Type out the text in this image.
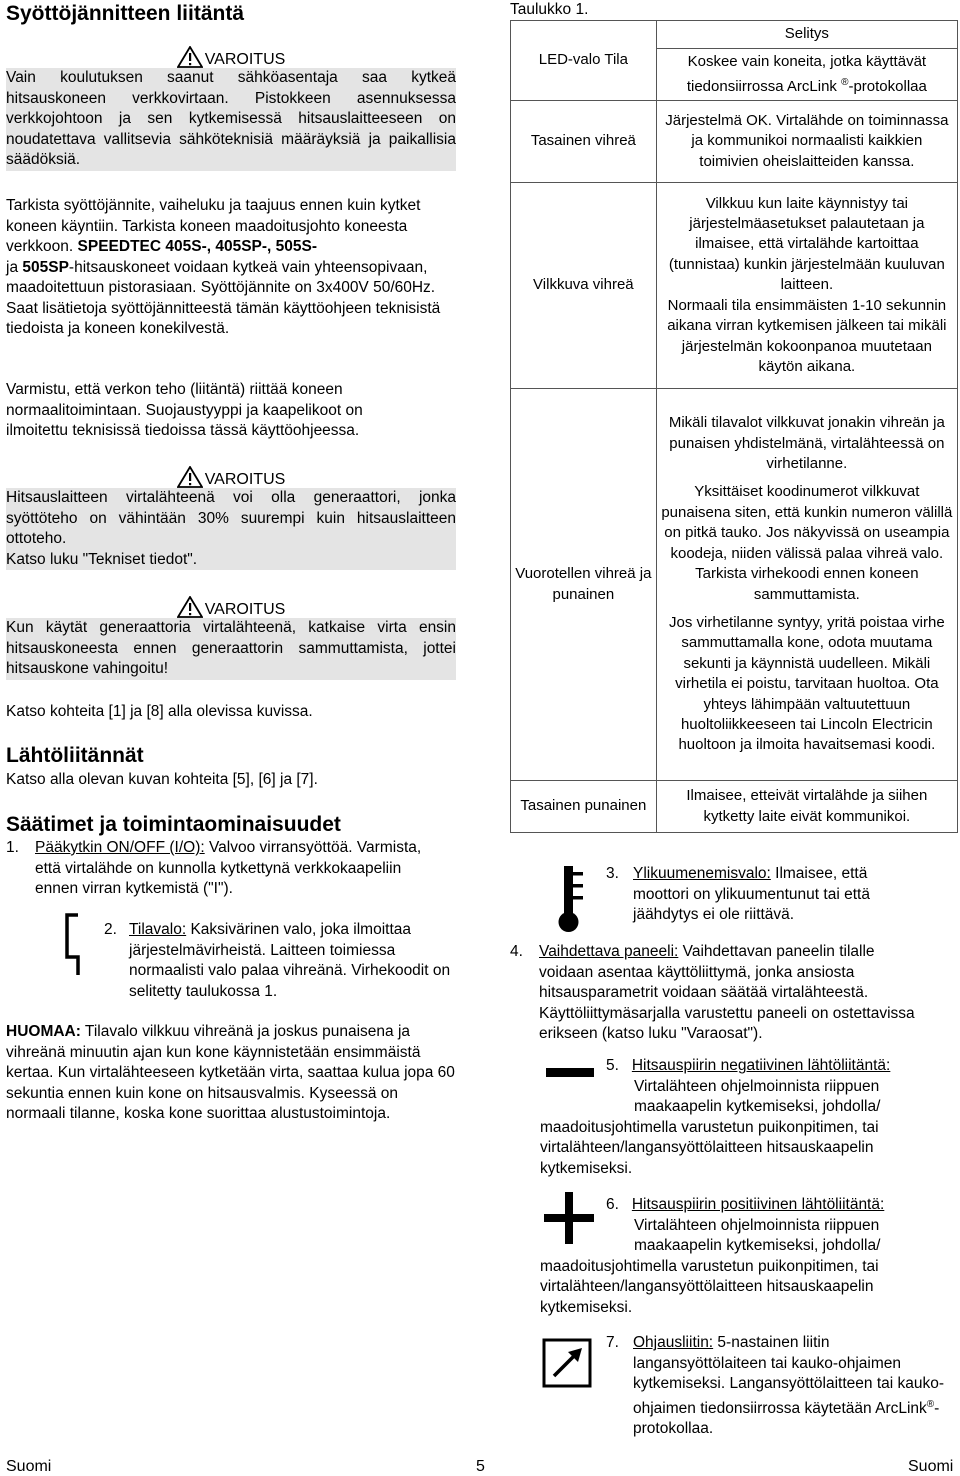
Syöttöjännitteen liitäntä
VAROITUS

Vain koulutuksen saanut sähköasentaja saa kytkeä hitsauskoneen verkkovirtaan. Pistokkeen asennuksessa verkkojohtoon ja sen kytkemisessä hitsauslaitteeseen on noudatettava vallitsevia sähköteknisiä määräyksiä ja paikallisia säädöksiä.

Tarkista syöttöjännite, vaiheluku ja taajuus ennen kuin kytket koneen käyntiin. Tarkista koneen maadoitusjohto koneesta verkkoon. SPEEDTEC 405S-, 405SP-, 505S-
ja 505SP-hitsauskoneet voidaan kytkeä vain yhteensopivaan, maadoitettuun pistorasiaan. Syöttöjännite on 3x400V 50/60Hz. Saat lisätietoja syöttöjännitteestä tämän käyttöohjeen teknisistä tiedoista ja koneen konekilvestä.

Varmistu, että verkon teho (liitäntä) riittää koneen normaalitoimintaan. Suojaustyyppi ja kaapelikoot on ilmoitettu teknisissä tiedoissa tässä käyttöohjeessa.

VAROITUS

Hitsauslaitteen virtalähteenä voi olla generaattori, jonka syöttöteho on vähintään 30% suurempi kuin hitsauslaitteen ottoteho.

Katso luku "Tekniset tiedot".

VAROITUS

Kun käytät generaattoria virtalähteenä, katkaise virta ensin hitsauskoneesta ennen generaattorin sammuttamista, jottei hitsauskone vahingoitu!

Katso kohteita [1] ja [8] alla olevissa kuvissa.

Lähtöliitännät

Katso alla olevan kuvan kohteita [5], [6] ja [7].

Säätimet ja toimintaominaisuudet
1. Pääkytkin ON/OFF (I/O): Valvoo virransyöttöä. Varmista, että virtalähde on kunnolla kytkettynä verkkokaapeliin ennen virran kytkemistä ("I").
2. Tilavalo: Kaksivärinen valo, joka ilmoittaa järjestelmävirheistä. Laitteen toimiessa normaalisti valo palaa vihreänä. Virhekoodit on selitetty taulukossa 1.
HUOMAA: Tilavalo vilkkuu vihreänä ja joskus punaisena ja vihreänä minuutin ajan kun kone käynnistetään ensimmäistä kertaa. Kun virtalähteeseen kytketään virta, saattaa kulua jopa 60 sekuntia ennen kuin kone on hitsausvalmis. Kyseessä on normaali tilanne, koska kone suorittaa alustustoimintoja.

Taulukko 1.

LED-valo Tila	Selitys
	Koskee vain koneita, jotka käyttävät tiedonsiirrossa ArcLink ®-protokollaa
Tasainen vihreä	Järjestelmä OK. Virtalähde on toiminnassa ja kommunikoi normaalisti kaikkien toimivien oheislaitteiden kanssa.
Vilkkuva vihreä	Vilkkuu kun laite käynnistyy tai järjestelmäasetukset palautetaan ja ilmaisee, että virtalähde kartoittaa (tunnistaa) kunkin järjestelmään kuuluvan laitteen.

Normaali tila ensimmäisten 1-10 sekunnin aikana virran kytkemisen jälkeen tai mikäli järjestelmän kokoonpanoa muutetaan käytön aikana.

Vuorotellen vihreä ja punainen	Mikäli tilavalot vilkkuvat jonakin vihreän ja punaisen yhdistelmänä, virtalähteessä on virhetilanne.

Yksittäiset koodinumerot vilkkuvat punaisena siten, että kunkin numeron välillä on pitkä tauko. Jos näkyvissä on useampia koodeja, niiden välissä palaa vihreä valo. Tarkista virhekoodi ennen koneen sammuttamista.

Jos virhetilanne syntyy, yritä poistaa virhe sammuttamalla kone, odota muutama sekunti ja käynnistä uudelleen. Mikäli virhetila ei poistu, tarvitaan huoltoa. Ota yhteys lähimpään valtuutettuun huoltoliikkeeseen tai Lincoln Electricin huoltoon ja ilmoita havaitsemasi koodi.

Tasainen punainen	Ilmaisee, etteivät virtalähde ja siihen kytketty laite eivät kommunikoi.
3. Ylikuumenemisvalo: Ilmaisee, että moottori on ylikuumentunut tai että jäähdytys ei ole riittävä.
4. Vaihdettava paneeli: Vaihdettavan paneelin tilalle voidaan asentaa käyttöliittymä, jonka ansiosta hitsausparametrit voidaan säätää virtalähteestä. Käyttöliittymäsarjalla varustettu paneeli on ostettavissa erikseen (katso luku "Varaosat").
5. Hitsauspiirin negatiivinen lähtöliitäntä:
Virtalähteen ohjelmoinnista riippuen
maakaapelin kytkemiseksi, johdolla/
maadoitusjohtimella varustetun puikonpitimen, tai virtalähteen/langansyöttölaitteen hitsauskaapelin kytkemiseksi.
6. Hitsauspiirin positiivinen lähtöliitäntä:
Virtalähteen ohjelmoinnista riippuen
maakaapelin kytkemiseksi, johdolla/
maadoitusjohtimella varustetun puikonpitimen, tai virtalähteen/langansyöttölaitteen hitsauskaapelin kytkemiseksi.
7. Ohjausliitin: 5-nastainen liitin langansyöttölaiteen tai kauko-ohjaimen kytkemiseksi. Langansyöttölaitteen tai kauko-ohjaimen tiedonsiirrossa käytetään ArcLink®-protokollaa.
Suomi	5	Suomi
